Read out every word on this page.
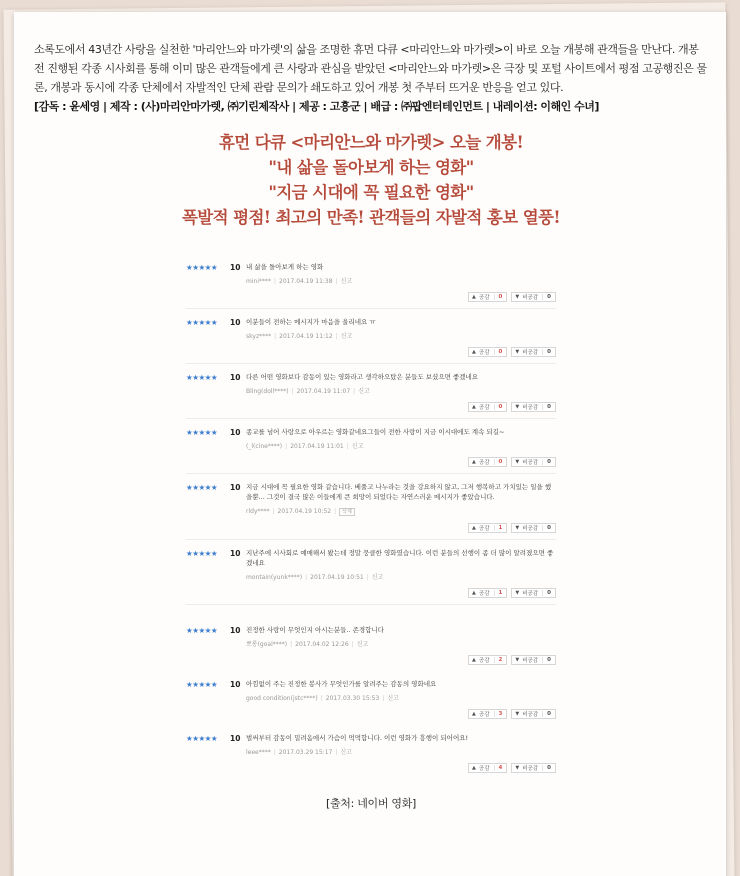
소록도에서 43년간 사랑을 실천한 '마리안느와 마가렛'의 삶을 조명한 휴먼 다큐 <마리안느와 마가렛>이 바로 오늘 개봉해 관객들을 만난다. 개봉 전 진행된 각종 시사회를 통해 이미 많은 관객들에게 큰 사랑과 관심을 받았던 <마리안느와 마가렛>은 극장 및 포털 사이트에서 평점 고공행진은 물론, 개봉과 동시에 각종 단체에서 자발적인 단체 관람 문의가 쇄도하고 있어 개봉 첫 주부터 뜨거운 반응을 얻고 있다.

[감독 : 윤세영 | 제작 : (사)마리안마가렛, ㈜기린제작사 | 제공 : 고흥군 | 배급 : ㈜팝엔터테인먼트 | 내레이션: 이해인 수녀]

휴먼 다큐 <마리안느와 마가렛> 오늘 개봉!
"내 삶을 돌아보게 하는 영화"
"지금 시대에 꼭 필요한 영화"
폭발적 평점! 최고의 만족! 관객들의 자발적 홍보 열풍!
★★★★★	10 내 삶을 돌아보게 하는 영화
mini**** | 2017.04.19 11:38 | 신고
▲ 공감	0	▼ 비공감	0
★★★★★	10 이분들이 전하는 메시지가 마음을 울리네요 ㅠ
skyz**** | 2017.04.19 11:12 | 신고
▲ 공감	0	▼ 비공감	0
★★★★★	10 다른 어떤 영화보다 감동이 있는 영화라고 생각하으탔은 분들도 보셨으면 좋겠네요
Bling(doll****) | 2017.04.19 11:07 | 신고
▲ 공감	0	▼ 비공감	0
★★★★★	10 종교를 넘어 사랑으로 아우르는 영화같네요그들이 전한 사랑이 지금 이시대에도 계속 되길~
(_l(cine****) | 2017.04.19 11:01 | 신고
▲ 공감	0	▼ 비공감	0
★★★★★	10 지금 시대에 꼭 필요한 영화 같습니다. 베풀고 나누라는 것을 강요하지 않고, 그저 행복하고 가치있는 일을 했을뿐... 그것이 결국 많은 이들에게 큰 희망이 되었다는 자연스러운 메시지가 좋았습니다.
rldy**** | 2017.04.19 10:52 | 삭제
▲ 공감	1	▼ 비공감	0
★★★★★	10 지난주에 시사회로 예매해서 봤는데 정말 뭉클한 영화였습니다. 이런 분들의 선행이 좀 더 많이 알려졌으면 좋겠네요
montain(yunk****) | 2017.04.19 10:51 | 신고
▲ 공감	1	▼ 비공감	0
★★★★★	10 진정한 사랑이 무엇인지 아시는분들.. 존경합니다
뽀롱(goal****) | 2017.04.02 12:26 | 신고
▲ 공감	2	▼ 비공감	0
★★★★★	10 아낌없이 주는 진정한 봉사가 무엇인가를 알려주는 감동의 영화네요
good condition(jstc****) | 2017.03.30 15:53 | 신고
▲ 공감	3	▼ 비공감	0
★★★★★	10 벌써부터 감동이 밀려옴에서 가슴이 먹먹합니다. 이런 영화가 흥행이 되어어요!
leee**** | 2017.03.29 15:17 | 신고
▲ 공감	4	▼ 비공감	0
[출처: 네이버 영화]
